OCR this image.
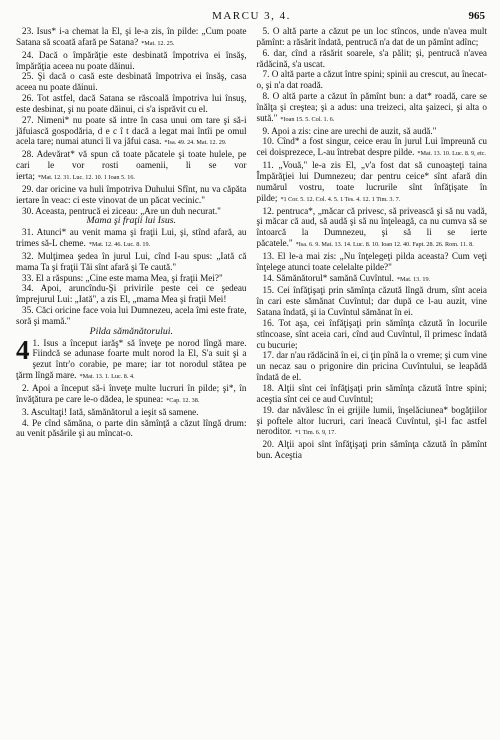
MARCU 3, 4.	965

23. Isus* i-a chemat la El, şi le-a zis, în pilde: „Cum poate Satana să scoată afară pe Satana? *Mat. 12. 25.

24. Dacă o împărăţie este desbinată împotriva ei însăş, împărăţia aceea nu poate dăinui.

25. Şi dacă o casă este desbinată împotriva ei însăş, casa aceea nu poate dăinui.

26. Tot astfel, dacă Satana se răscoală împotriva lui însuş, este desbinat, şi nu poate dăinui, ci s'a isprăvit cu el.

27. Nimeni* nu poate să intre în casa unui om tare şi să-i jăfuiască gospodăria, d e c î t dacă a legat mai întîi pe omul acela tare; numai atunci îi va jăfui casa. *Isa. 49. 24. Mat. 12. 29.

28. Adevărat* vă spun că toate păcatele şi toate hulele, pe cari le vor rosti oamenii, li se vor ierta; *Mat. 12. 31. Luc. 12. 10. 1 Ioan 5. 16.

29. dar oricine va huli împotriva Duhului Sfînt, nu va căpăta iertare în veac: ci este vinovat de un păcat vecinic."

30. Aceasta, pentrucă ei ziceau: „Are un duh necurat."

Mama şi fraţii lui Isus.

31. Atunci* au venit mama şi fraţii Lui, şi, stînd afară, au trimes să-L cheme. *Mat. 12. 46. Luc. 8. 19.

32. Mulţimea şedea în jurul Lui, cînd I-au spus: „Iată că mama Ta şi fraţii Tăi sînt afară şi Te caută."

33. El a răspuns: „Cine este mama Mea, şi fraţii Mei?"

34. Apoi, aruncîndu-Şi privirile peste cei ce şedeau împrejurul Lui: „Iată", a zis El, „mama Mea şi fraţii Mei!

35. Căci oricine face voia lui Dumnezeu, acela îmi este frate, soră şi mamă."

Pilda sămănătorului.

4 1. Isus a început iarăş* să înveţe pe norod lîngă mare. Fiindcă se adunase foarte mult norod la El, S'a suit şi a şezut într'o corabie, pe mare; iar tot norodul stătea pe ţărm lîngă mare. *Mat. 13. 1. Luc. 8. 4.

2. Apoi a început să-i înveţe multe lucruri în pilde; şi*, în învăţătura pe care le-o dădea, le spunea: *Cap. 12. 38.

3. Ascultaţi! Iată, sămănătorul a ieşit să samene.

4. Pe cînd sămăna, o parte din sămînţă a căzut lîngă drum: au venit păsările şi au mîncat-o.

5. O altă parte a căzut pe un loc stîncos, unde n'avea mult pămînt: a răsărit îndată, pentrucă n'a dat de un pămînt adînc;

6. dar, cînd a răsărit soarele, s'a pălit; şi, pentrucă n'avea rădăcină, s'a uscat.

7. O altă parte a căzut între spini; spinii au crescut, au înecat-o, şi n'a dat roadă.

8. O altă parte a căzut în pămînt bun: a dat* roadă, care se înălţa şi creştea; şi a adus: una treizeci, alta şaizeci, şi alta o sută." *Ioan 15. 5. Col. 1. 6.

9. Apoi a zis: cine are urechi de auzit, să audă."

10. Cînd* a fost singur, ceice erau în jurul Lui împreună cu cei doisprezece, L-au întrebat despre pilde. *Mat. 13. 10. Luc. 8. 9, etc.

11. „Vouă," le-a zis El, „v'a fost dat să cunoaşteţi taina Împărăţiei lui Dumnezeu; dar pentru ceice* sînt afară din numărul vostru, toate lucrurile sînt înfăţişate în pilde; *1 Cor. 5. 12. Col. 4. 5. 1 Tes. 4. 12. 1 Tim. 3. 7.

12. pentruca*, „măcar că privesc, să privească şi să nu vadă, şi măcar că aud, să audă şi să nu înţeleagă, ca nu cumva să se întoarcă la Dumnezeu, şi să li se ierte păcatele." *Isa. 6. 9. Mat. 13. 14. Luc. 8. 10. Ioan 12. 40. Fapt. 28. 26. Rom. 11. 8.

13. El le-a mai zis: „Nu înţelegeţi pilda aceasta? Cum veţi înţelege atunci toate celelalte pilde?"

14. Sămănătorul* samănă Cuvîntul. *Mat. 13. 19.

15. Cei înfăţişaţi prin sămînţa căzută lîngă drum, sînt aceia în cari este sămănat Cuvîntul; dar după ce l-au auzit, vine Satana îndată, şi ia Cuvîntul sămănat în ei.

16. Tot aşa, cei înfăţişaţi prin sămînţa căzută în locurile stîncoase, sînt aceia cari, cînd aud Cuvîntul, îl primesc îndată cu bucurie;

17. dar n'au rădăcină în ei, ci ţin pînă la o vreme; şi cum vine un necaz sau o prigonire din pricina Cuvîntului, se leapădă îndată de el.

18. Alţii sînt cei înfăţişaţi prin sămînţa căzută între spini; aceştia sînt cei ce aud Cuvîntul;

19. dar năvălesc în ei grijile lumii, înşelăciunea* bogăţiilor şi poftele altor lucruri, cari îneacă Cuvîntul, şi-l fac astfel neroditor. *1 Tim. 6. 9, 17.

20. Alţii apoi sînt înfăţişaţi prin sămînţa căzută în pămînt bun. Aceştia
